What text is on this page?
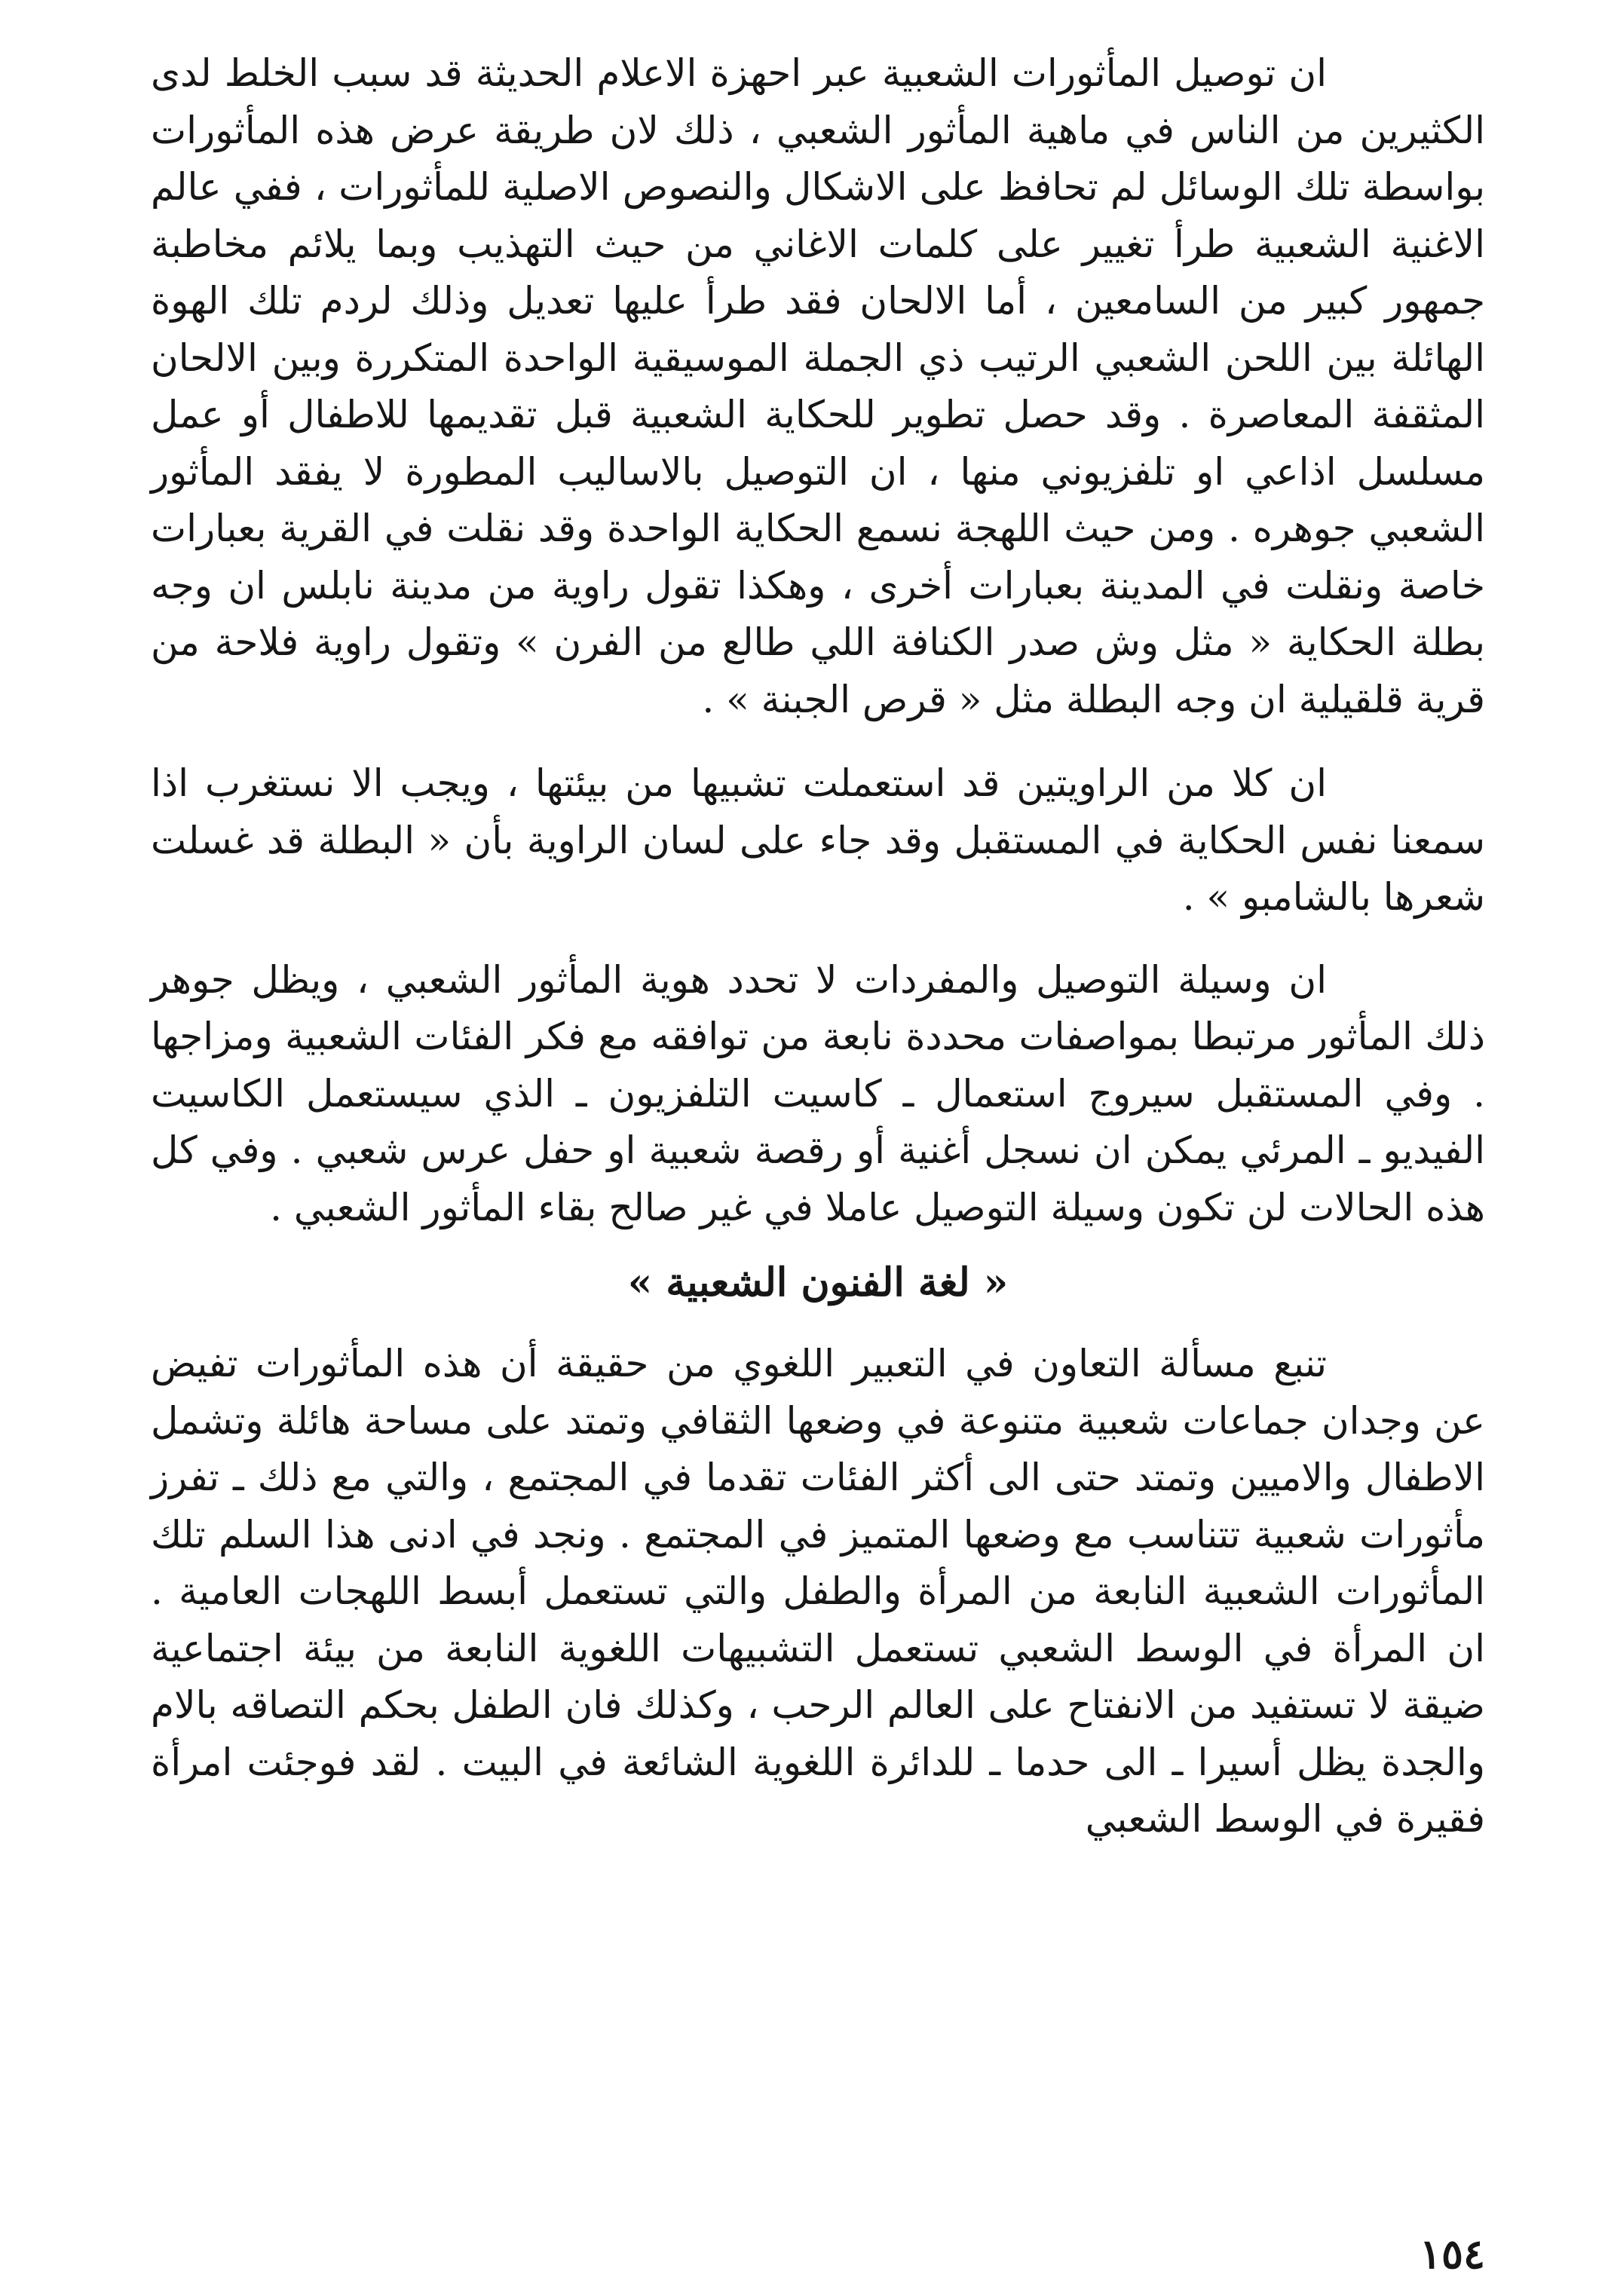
ان توصيل المأثورات الشعبية عبر احهزة الاعلام الحديثة قد سبب الخلط لدى الكثيرين من الناس في ماهية المأثور الشعبي ، ذلك لان طريقة عرض هذه المأثورات بواسطة تلك الوسائل لم تحافظ على الاشكال والنصوص الاصلية للمأثورات ، ففي عالم الاغنية الشعبية طرأ تغيير على كلمات الاغاني من حيث التهذيب وبما يلائم مخاطبة جمهور كبير من السامعين ، أما الالحان فقد طرأ عليها تعديل وذلك لردم تلك الهوة الهائلة بين اللحن الشعبي الرتيب ذي الجملة الموسيقية الواحدة المتكررة وبين الالحان المثقفة المعاصرة . وقد حصل تطوير للحكاية الشعبية قبل تقديمها للاطفال أو عمل مسلسل اذاعي او تلفزيوني منها ، ان التوصيل بالاساليب المطورة لا يفقد المأثور الشعبي جوهره . ومن حيث اللهجة نسمع الحكاية الواحدة وقد نقلت في القرية بعبارات خاصة ونقلت في المدينة بعبارات أخرى ، وهكذا تقول راوية من مدينة نابلس ان وجه بطلة الحكاية « مثل وش صدر الكنافة اللي طالع من الفرن » وتقول راوية فلاحة من قرية قلقيلية ان وجه البطلة مثل « قرص الجبنة » .

ان كلا من الراويتين قد استعملت تشبيها من بيئتها ، ويجب الا نستغرب اذا سمعنا نفس الحكاية في المستقبل وقد جاء على لسان الراوية بأن « البطلة قد غسلت شعرها بالشامبو » .

ان وسيلة التوصيل والمفردات لا تحدد هوية المأثور الشعبي ، ويظل جوهر ذلك المأثور مرتبطا بمواصفات محددة نابعة من توافقه مع فكر الفئات الشعبية ومزاجها . وفي المستقبل سيروج استعمال ـ كاسيت التلفزيون ـ الذي سيستعمل الكاسيت الفيديو ـ المرئي يمكن ان نسجل أغنية أو رقصة شعبية او حفل عرس شعبي . وفي كل هذه الحالات لن تكون وسيلة التوصيل عاملا في غير صالح بقاء المأثور الشعبي .

« لغة الفنون الشعبية »

تنبع مسألة التعاون في التعبير اللغوي من حقيقة أن هذه المأثورات تفيض عن وجدان جماعات شعبية متنوعة في وضعها الثقافي وتمتد على مساحة هائلة وتشمل الاطفال والاميين وتمتد حتى الى أكثر الفئات تقدما في المجتمع ، والتي مع ذلك ـ تفرز مأثورات شعبية تتناسب مع وضعها المتميز في المجتمع . ونجد في ادنى هذا السلم تلك المأثورات الشعبية النابعة من المرأة والطفل والتي تستعمل أبسط اللهجات العامية . ان المرأة في الوسط الشعبي تستعمل التشبيهات اللغوية النابعة من بيئة اجتماعية ضيقة لا تستفيد من الانفتاح على العالم الرحب ، وكذلك فان الطفل بحكم التصاقه بالام والجدة يظل أسيرا ـ الى حدما ـ للدائرة اللغوية الشائعة في البيت . لقد فوجئت امرأة فقيرة في الوسط الشعبي

١٥٤
